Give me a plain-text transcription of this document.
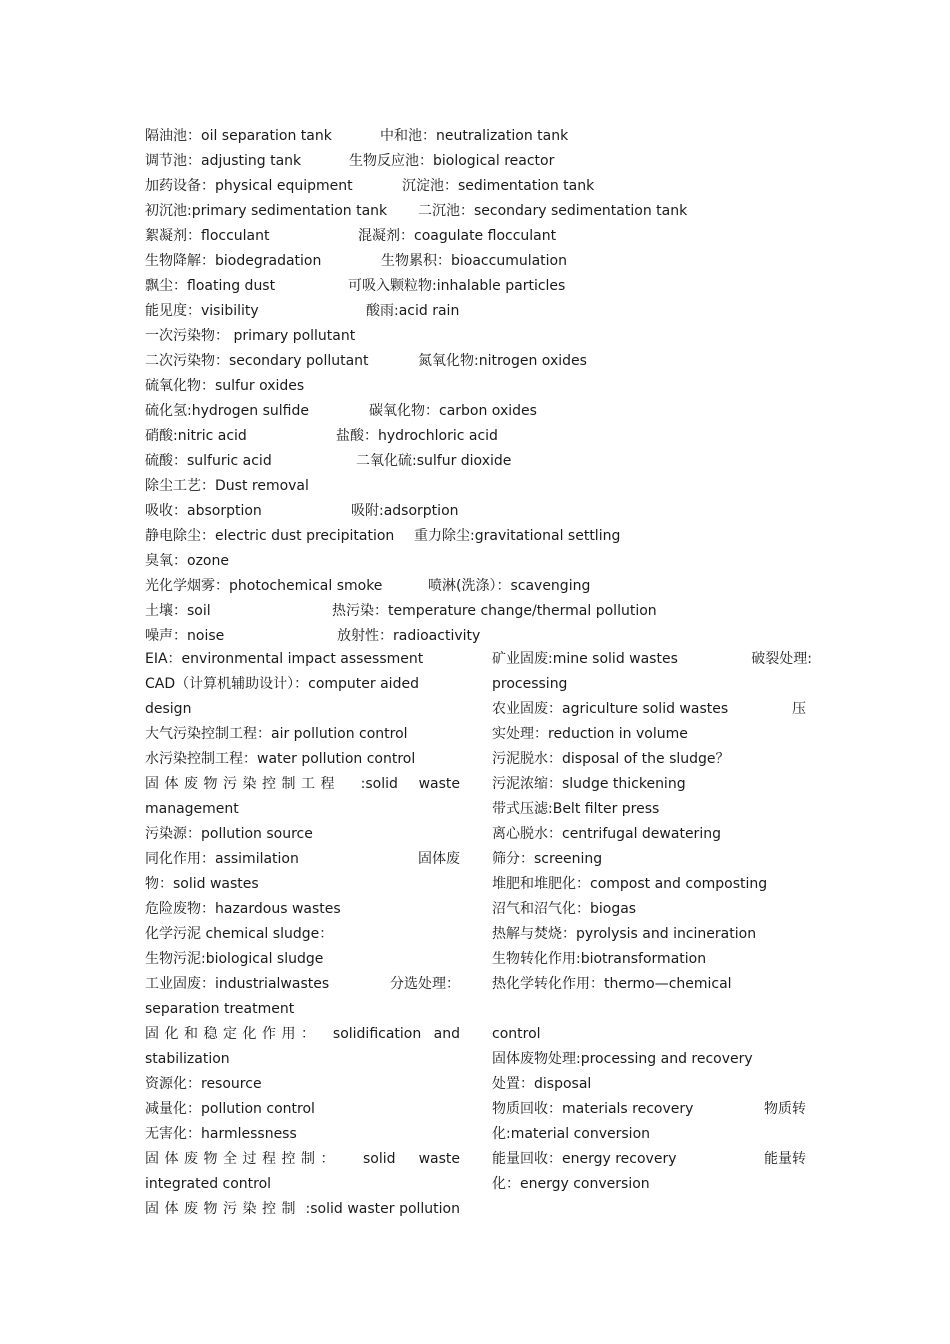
隔油池：oil separation tank	中和池：neutralization tank
调节池：adjusting tank	生物反应池：biological reactor
加药设备：physical equipment	沉淀池：sedimentation tank
初沉池:primary sedimentation tank 二沉池：secondary sedimentation tank
絮凝剂：flocculant	混凝剂：coagulate flocculant
生物降解：biodegradation	生物累积：bioaccumulation
飘尘：floating dust	可吸入颗粒物:inhalable particles
能见度：visibility	酸雨:acid rain
一次污染物： primary pollutant
二次污染物：secondary pollutant	氮氧化物:nitrogen oxides
硫氧化物：sulfur oxides
硫化氢:hydrogen sulfide	碳氧化物：carbon oxides
硝酸:nitric acid	盐酸：hydrochloric acid
硫酸：sulfuric acid	二氧化硫:sulfur dioxide
除尘工艺：Dust removal
吸收：absorption	吸附:adsorption
静电除尘：electric dust precipitation 重力除尘:gravitational settling
臭氧：ozone
光化学烟雾：photochemical smoke	喷淋(洗涤）：scavenging
土壤：soil	热污染：temperature change/thermal pollution
噪声：noise	放射性：radioactivity
EIA：environmental impact assessment
CAD（计算机辅助设计）：computer aided
design
大气污染控制工程：air pollution control
水污染控制工程：water pollution control
固体废物污染控制工程 :solid waste
management
污染源：pollution source
同化作用：assimilation	固体废
物：solid wastes
危险废物：hazardous wastes
化学污泥 chemical sludge：
生物污泥:biological sludge
工业固废：industrialwastes	分选处理：
separation treatment
固化和稳定化作用： solidification and
stabilization
资源化：resource
减量化：pollution control
无害化：harmlessness
固体废物全过程控制： solid waste
integrated control
固体废物污染控制 :solid waster pollution
矿业固废:mine solid wastes	破裂处理:
processing
农业固废：agriculture solid wastes	压
实处理：reduction in volume
污泥脱水：disposal of the sludge？
污泥浓缩：sludge thickening
带式压滤:Belt filter press
离心脱水：centrifugal dewatering
筛分：screening
堆肥和堆肥化：compost and composting
沼气和沼气化：biogas
热解与焚烧：pyrolysis and incineration
生物转化作用:biotransformation
热化学转化作用：thermo—chemical
control
固体废物处理:processing and recovery
处置：disposal
物质回收：materials recovery	物质转
化:material conversion
能量回收：energy recovery	能量转
化：energy conversion
